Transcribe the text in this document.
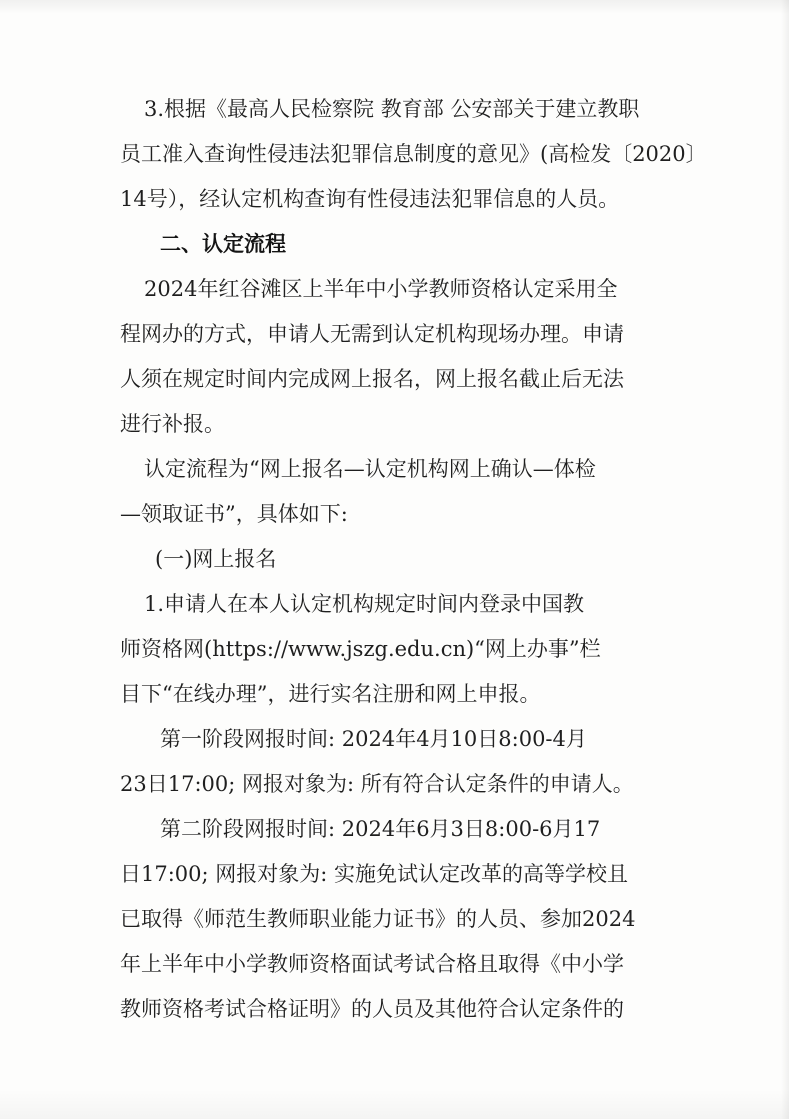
3.根据《最高人民检察院 教育部 公安部关于建立教职

员工准入查询性侵违法犯罪信息制度的意见》(高检发〔2020〕

14号），经认定机构查询有性侵违法犯罪信息的人员。

二、认定流程

2024年红谷滩区上半年中小学教师资格认定采用全

程网办的方式，申请人无需到认定机构现场办理。申请

人须在规定时间内完成网上报名，网上报名截止后无法

进行补报。

认定流程为“网上报名—认定机构网上确认—体检

—领取证书”，具体如下:

(一)网上报名

1.申请人在本人认定机构规定时间内登录中国教

师资格网(https://www.jszg.edu.cn)“网上办事”栏

目下“在线办理”，进行实名注册和网上申报。

第一阶段网报时间: 2024年4月10日8:00-4月

23日17:00; 网报对象为: 所有符合认定条件的申请人。

第二阶段网报时间: 2024年6月3日8:00-6月17

日17:00; 网报对象为: 实施免试认定改革的高等学校且

已取得《师范生教师职业能力证书》的人员、参加2024

年上半年中小学教师资格面试考试合格且取得《中小学

教师资格考试合格证明》的人员及其他符合认定条件的
